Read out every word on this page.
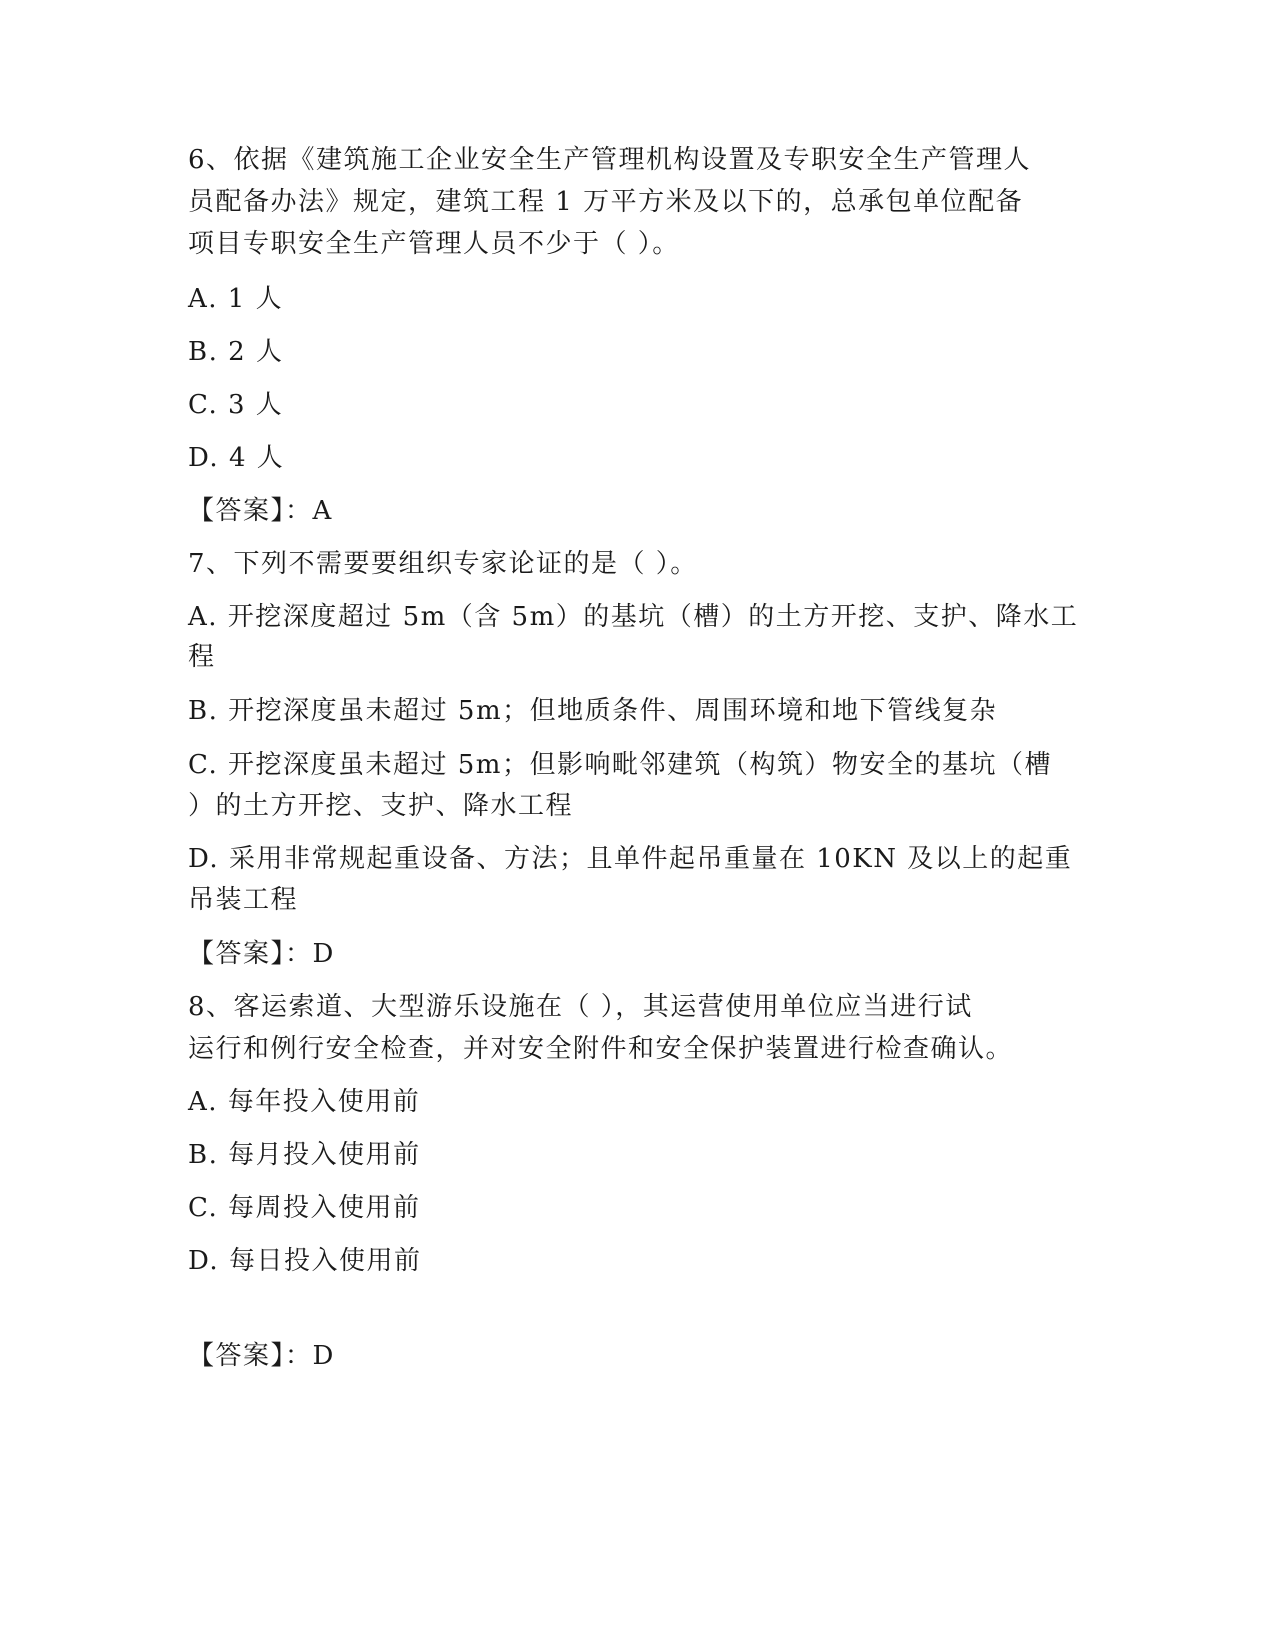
6、依据《建筑施工企业安全生产管理机构设置及专职安全生产管理人
员配备办法》规定，建筑工程 1 万平方米及以下的，总承包单位配备
项目专职安全生产管理人员不少于（ ）。
A. 1 人
B. 2 人
C. 3 人
D. 4 人
【答案】：A
7、下列不需要要组织专家论证的是（ ）。
A. 开挖深度超过 5m（含 5m）的基坑（槽）的土方开挖、支护、降水工
程
B. 开挖深度虽未超过 5m；但地质条件、周围环境和地下管线复杂
C. 开挖深度虽未超过 5m；但影响毗邻建筑（构筑）物安全的基坑（槽
）的土方开挖、支护、降水工程
D. 采用非常规起重设备、方法；且单件起吊重量在 10KN 及以上的起重
吊装工程
【答案】：D
8、客运索道、大型游乐设施在（ ），其运营使用单位应当进行试
运行和例行安全检查，并对安全附件和安全保护装置进行检查确认。
A. 每年投入使用前
B. 每月投入使用前
C. 每周投入使用前
D. 每日投入使用前
【答案】：D
